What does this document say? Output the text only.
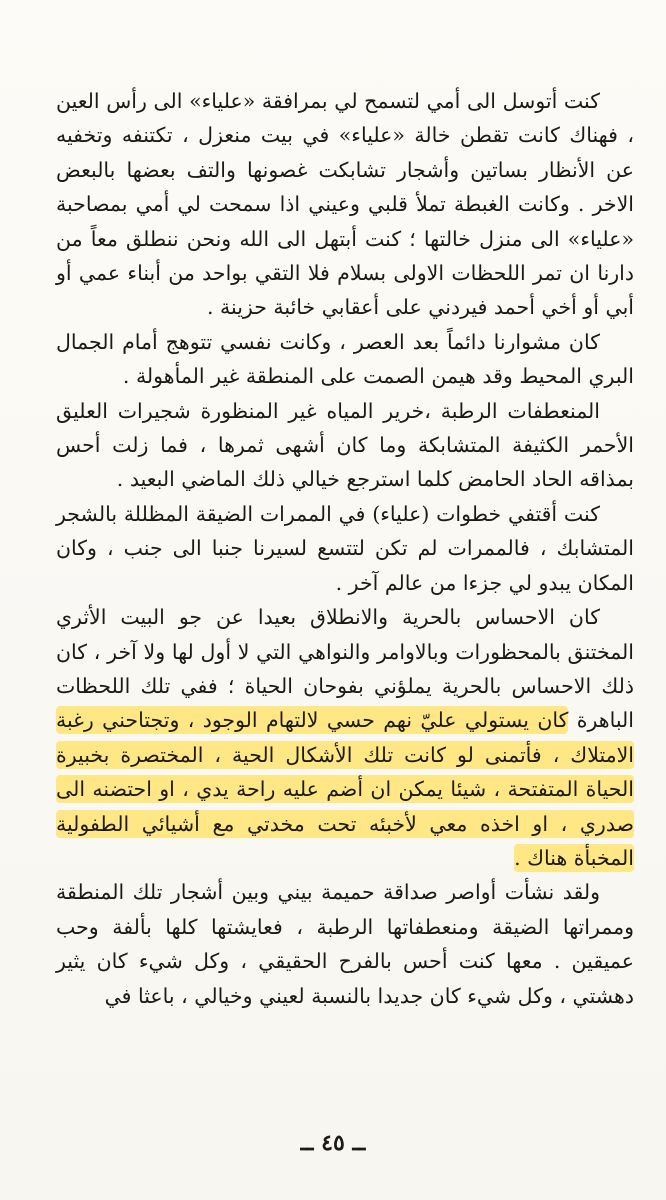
كنت أتوسل الى أمي لتسمح لي بمرافقة «علياء» الى رأس العين ، فهناك كانت تقطن خالة «علياء» في بيت منعزل ، تكتنفه وتخفيه عن الأنظار بساتين وأشجار تشابكت غصونها والتف بعضها بالبعض الاخر . وكانت الغبطة تملأ قلبي وعيني اذا سمحت لي أمي بمصاحبة «علياء» الى منزل خالتها ؛ كنت أبتهل الى الله ونحن ننطلق معاً من دارنا ان تمر اللحظات الاولى بسلام فلا التقي بواحد من أبناء عمي أو أبي أو أخي أحمد فيردني على أعقابي خائبة حزينة .

كان مشوارنا دائماً بعد العصر ، وكانت نفسي تتوهج أمام الجمال البري المحيط وقد هيمن الصمت على المنطقة غير المأهولة .

المنعطفات الرطبة ،خرير المياه غير المنظورة شجيرات العليق الأحمر الكثيفة المتشابكة وما كان أشهى ثمرها ، فما زلت أحس بمذاقه الحاد الحامض كلما استرجع خيالي ذلك الماضي البعيد .

كنت أقتفي خطوات (علياء) في الممرات الضيقة المظللة بالشجر المتشابك ، فالممرات لم تكن لتتسع لسيرنا جنبا الى جنب ، وكان المكان يبدو لي جزءا من عالم آخر .

كان الاحساس بالحرية والانطلاق بعيدا عن جو البيت الأثري المختنق بالمحظورات وبالاوامر والنواهي التي لا أول لها ولا آخر ، كان ذلك الاحساس بالحرية يملؤني بفوحان الحياة ؛ ففي تلك اللحظات الباهرة كان يستولي عليّ نهم حسي لالتهام الوجود ، وتجتاحني رغبة الامتلاك ، فأتمنى لو كانت تلك الأشكال الحية ، المختصرة بخبيرة الحياة المتفتحة ، شيئا يمكن ان أضم عليه راحة يدي ، او احتضنه الى صدري ، او اخذه معي لأخبئه تحت مخدتي مع أشيائي الطفولية المخبأة هناك .

ولقد نشأت أواصر صداقة حميمة بيني وبين أشجار تلك المنطقة وممراتها الضيقة ومنعطفاتها الرطبة ، فعايشتها كلها بألفة وحب عميقين . معها كنت أحس بالفرح الحقيقي ، وكل شيء كان يثير دهشتي ، وكل شيء كان جديدا بالنسبة لعيني وخيالي ، باعثا في

ــ ٤٥ ــ
